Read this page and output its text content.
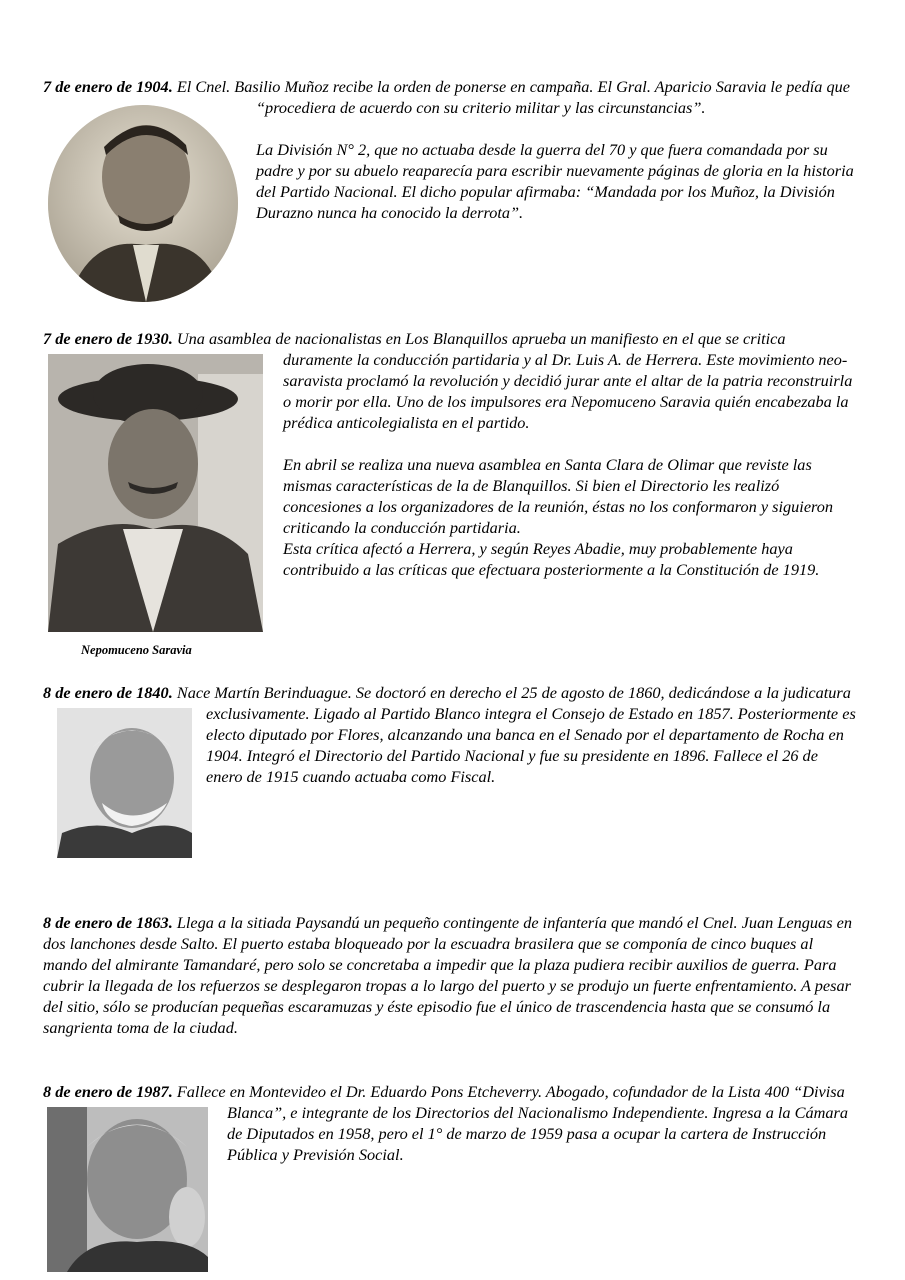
7 de enero de 1904. El Cnel. Basilio Muñoz recibe la orden de ponerse en campaña. El Gral. Aparicio Saravia le pedía que “procediera de acuerdo con su criterio militar y las circunstancias”.

La División N° 2, que no actuaba desde la guerra del 70 y que fuera comandada por su padre y por su abuelo reaparecía para escribir nuevamente páginas de gloria en la historia del Partido Nacional. El dicho popular afirmaba: “Mandada por los Muñoz, la División Durazno nunca ha conocido la derrota”.

7 de enero de 1930. Una asamblea de nacionalistas en Los Blanquillos aprueba un manifiesto en el que se critica duramente la conducción partidaria y al Dr. Luis A. de Herrera. Este movimiento neo-saravista proclamó la revolución y decidió jurar ante el altar de la patria reconstruirla o morir por ella. Uno de los impulsores era Nepomuceno Saravia quién encabezaba la prédica anticolegialista en el partido.

En abril se realiza una nueva asamblea en Santa Clara de Olimar que reviste las mismas características de la de Blanquillos. Si bien el Directorio les realizó concesiones a los organizadores de la reunión, éstas no los conformaron y siguieron criticando la conducción partidaria.

Esta crítica afectó a Herrera, y según Reyes Abadie, muy probablemente haya contribuido a las críticas que efectuara posteriormente a la Constitución de 1919.

Nepomuceno Saravia

8 de enero de 1840. Nace Martín Berinduague. Se doctoró en derecho el 25 de agosto de 1860, dedicándose a la judicatura exclusivamente. Ligado al Partido Blanco integra el Consejo de Estado en 1857. Posteriormente es electo diputado por Flores, alcanzando una banca en el Senado por el departamento de Rocha en 1904. Integró el Directorio del Partido Nacional y fue su presidente en 1896. Fallece el 26 de enero de 1915 cuando actuaba como Fiscal.

8 de enero de 1863. Llega a la sitiada Paysandú un pequeño contingente de infantería que mandó el Cnel. Juan Lenguas en dos lanchones desde Salto. El puerto estaba bloqueado por la escuadra brasilera que se componía de cinco buques al mando del almirante Tamandaré, pero solo se concretaba a impedir que la plaza pudiera recibir auxilios de guerra. Para cubrir la llegada de los refuerzos se desplegaron tropas a lo largo del puerto y se produjo un fuerte enfrentamiento. A pesar del sitio, sólo se producían pequeñas escaramuzas y éste episodio fue el único de trascendencia hasta que se consumó la sangrienta toma de la ciudad.

8 de enero de 1987. Fallece en Montevideo el Dr. Eduardo Pons Etcheverry. Abogado, cofundador de la Lista 400 “Divisa Blanca”, e integrante de los Directorios del Nacionalismo Independiente. Ingresa a la Cámara de Diputados en 1958, pero el 1° de marzo de 1959 pasa a ocupar la cartera de Instrucción Pública y Previsión Social.
